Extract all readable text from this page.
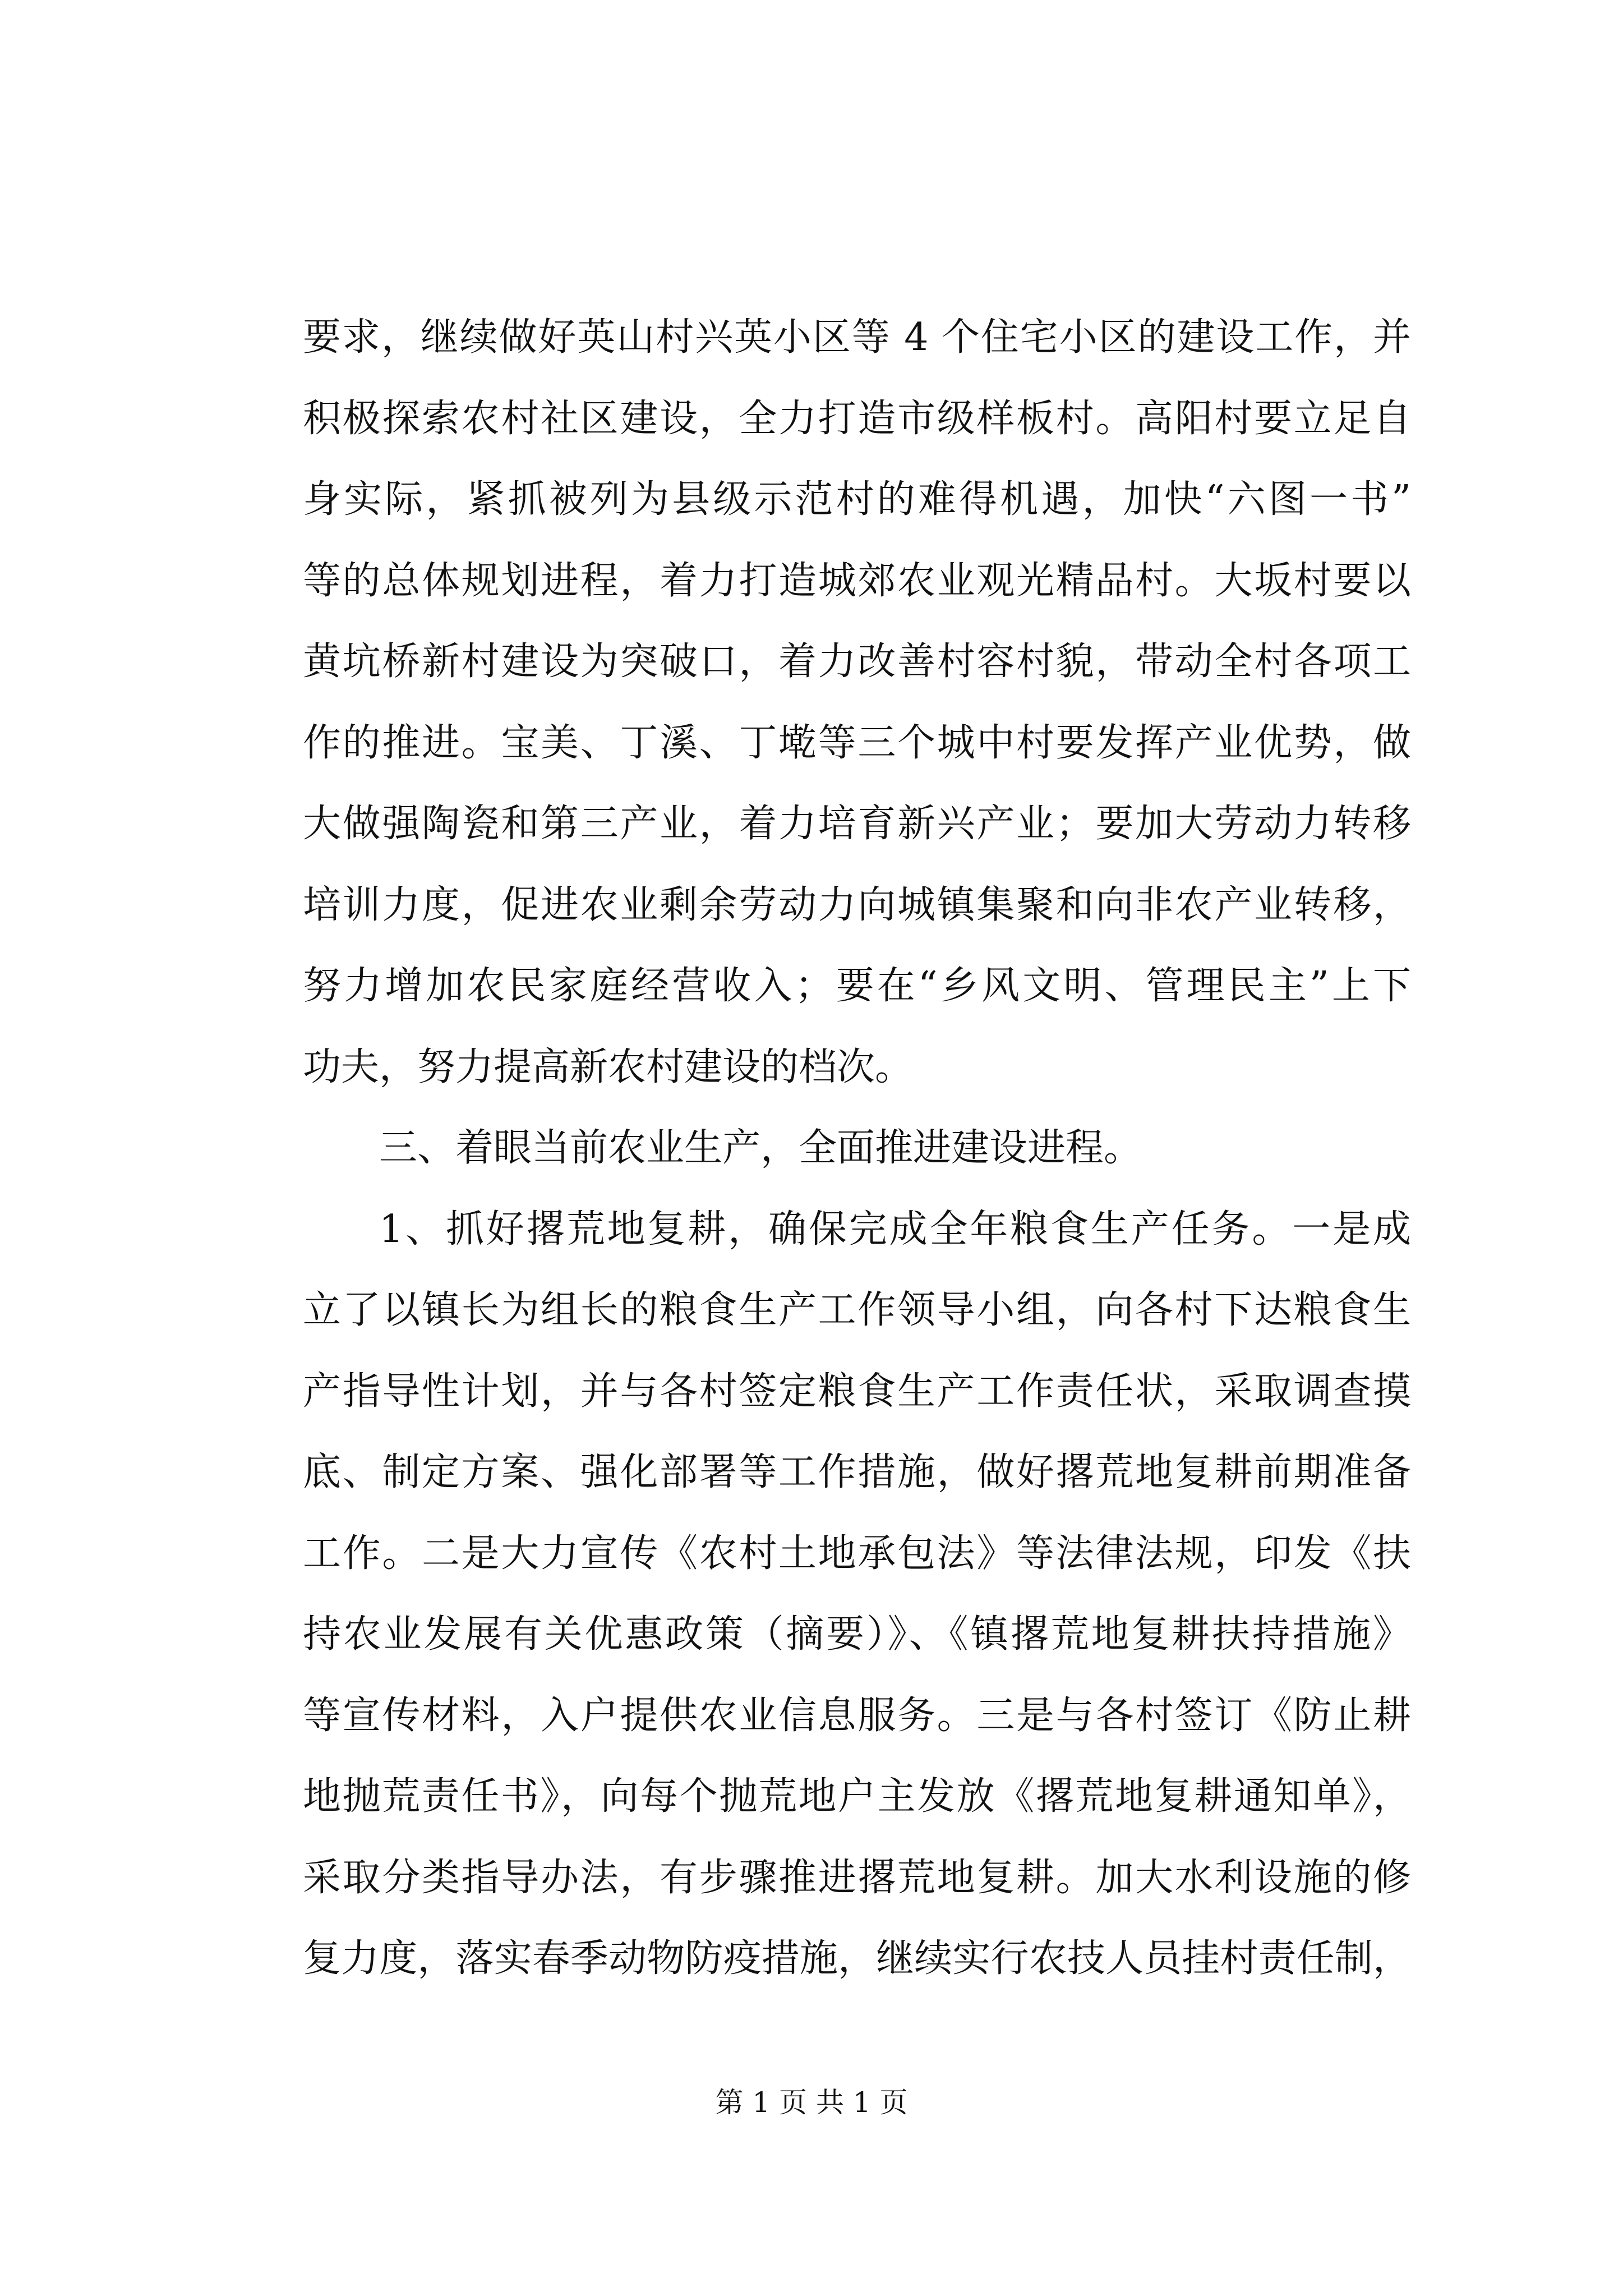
要求，继续做好英山村兴英小区等 4 个住宅小区的建设工作，并
积极探索农村社区建设，全力打造市级样板村。高阳村要立足自
身实际，紧抓被列为县级示范村的难得机遇，加快“六图一书”
等的总体规划进程，着力打造城郊农业观光精品村。大坂村要以
黄坑桥新村建设为突破口，着力改善村容村貌，带动全村各项工
作的推进。宝美、丁溪、丁墘等三个城中村要发挥产业优势，做
大做强陶瓷和第三产业，着力培育新兴产业；要加大劳动力转移
培训力度，促进农业剩余劳动力向城镇集聚和向非农产业转移，
努力增加农民家庭经营收入；要在“乡风文明、管理民主”上下
功夫，努力提高新农村建设的档次。
三、着眼当前农业生产，全面推进建设进程。
1、抓好撂荒地复耕，确保完成全年粮食生产任务。一是成
立了以镇长为组长的粮食生产工作领导小组，向各村下达粮食生
产指导性计划，并与各村签定粮食生产工作责任状，采取调查摸
底、制定方案、强化部署等工作措施，做好撂荒地复耕前期准备
工作。二是大力宣传《农村土地承包法》等法律法规，印发《扶
持农业发展有关优惠政策（摘要）》、《镇撂荒地复耕扶持措施》
等宣传材料，入户提供农业信息服务。三是与各村签订《防止耕
地抛荒责任书》，向每个抛荒地户主发放《撂荒地复耕通知单》，
采取分类指导办法，有步骤推进撂荒地复耕。加大水利设施的修
复力度，落实春季动物防疫措施，继续实行农技人员挂村责任制，
第 1 页 共 1 页
